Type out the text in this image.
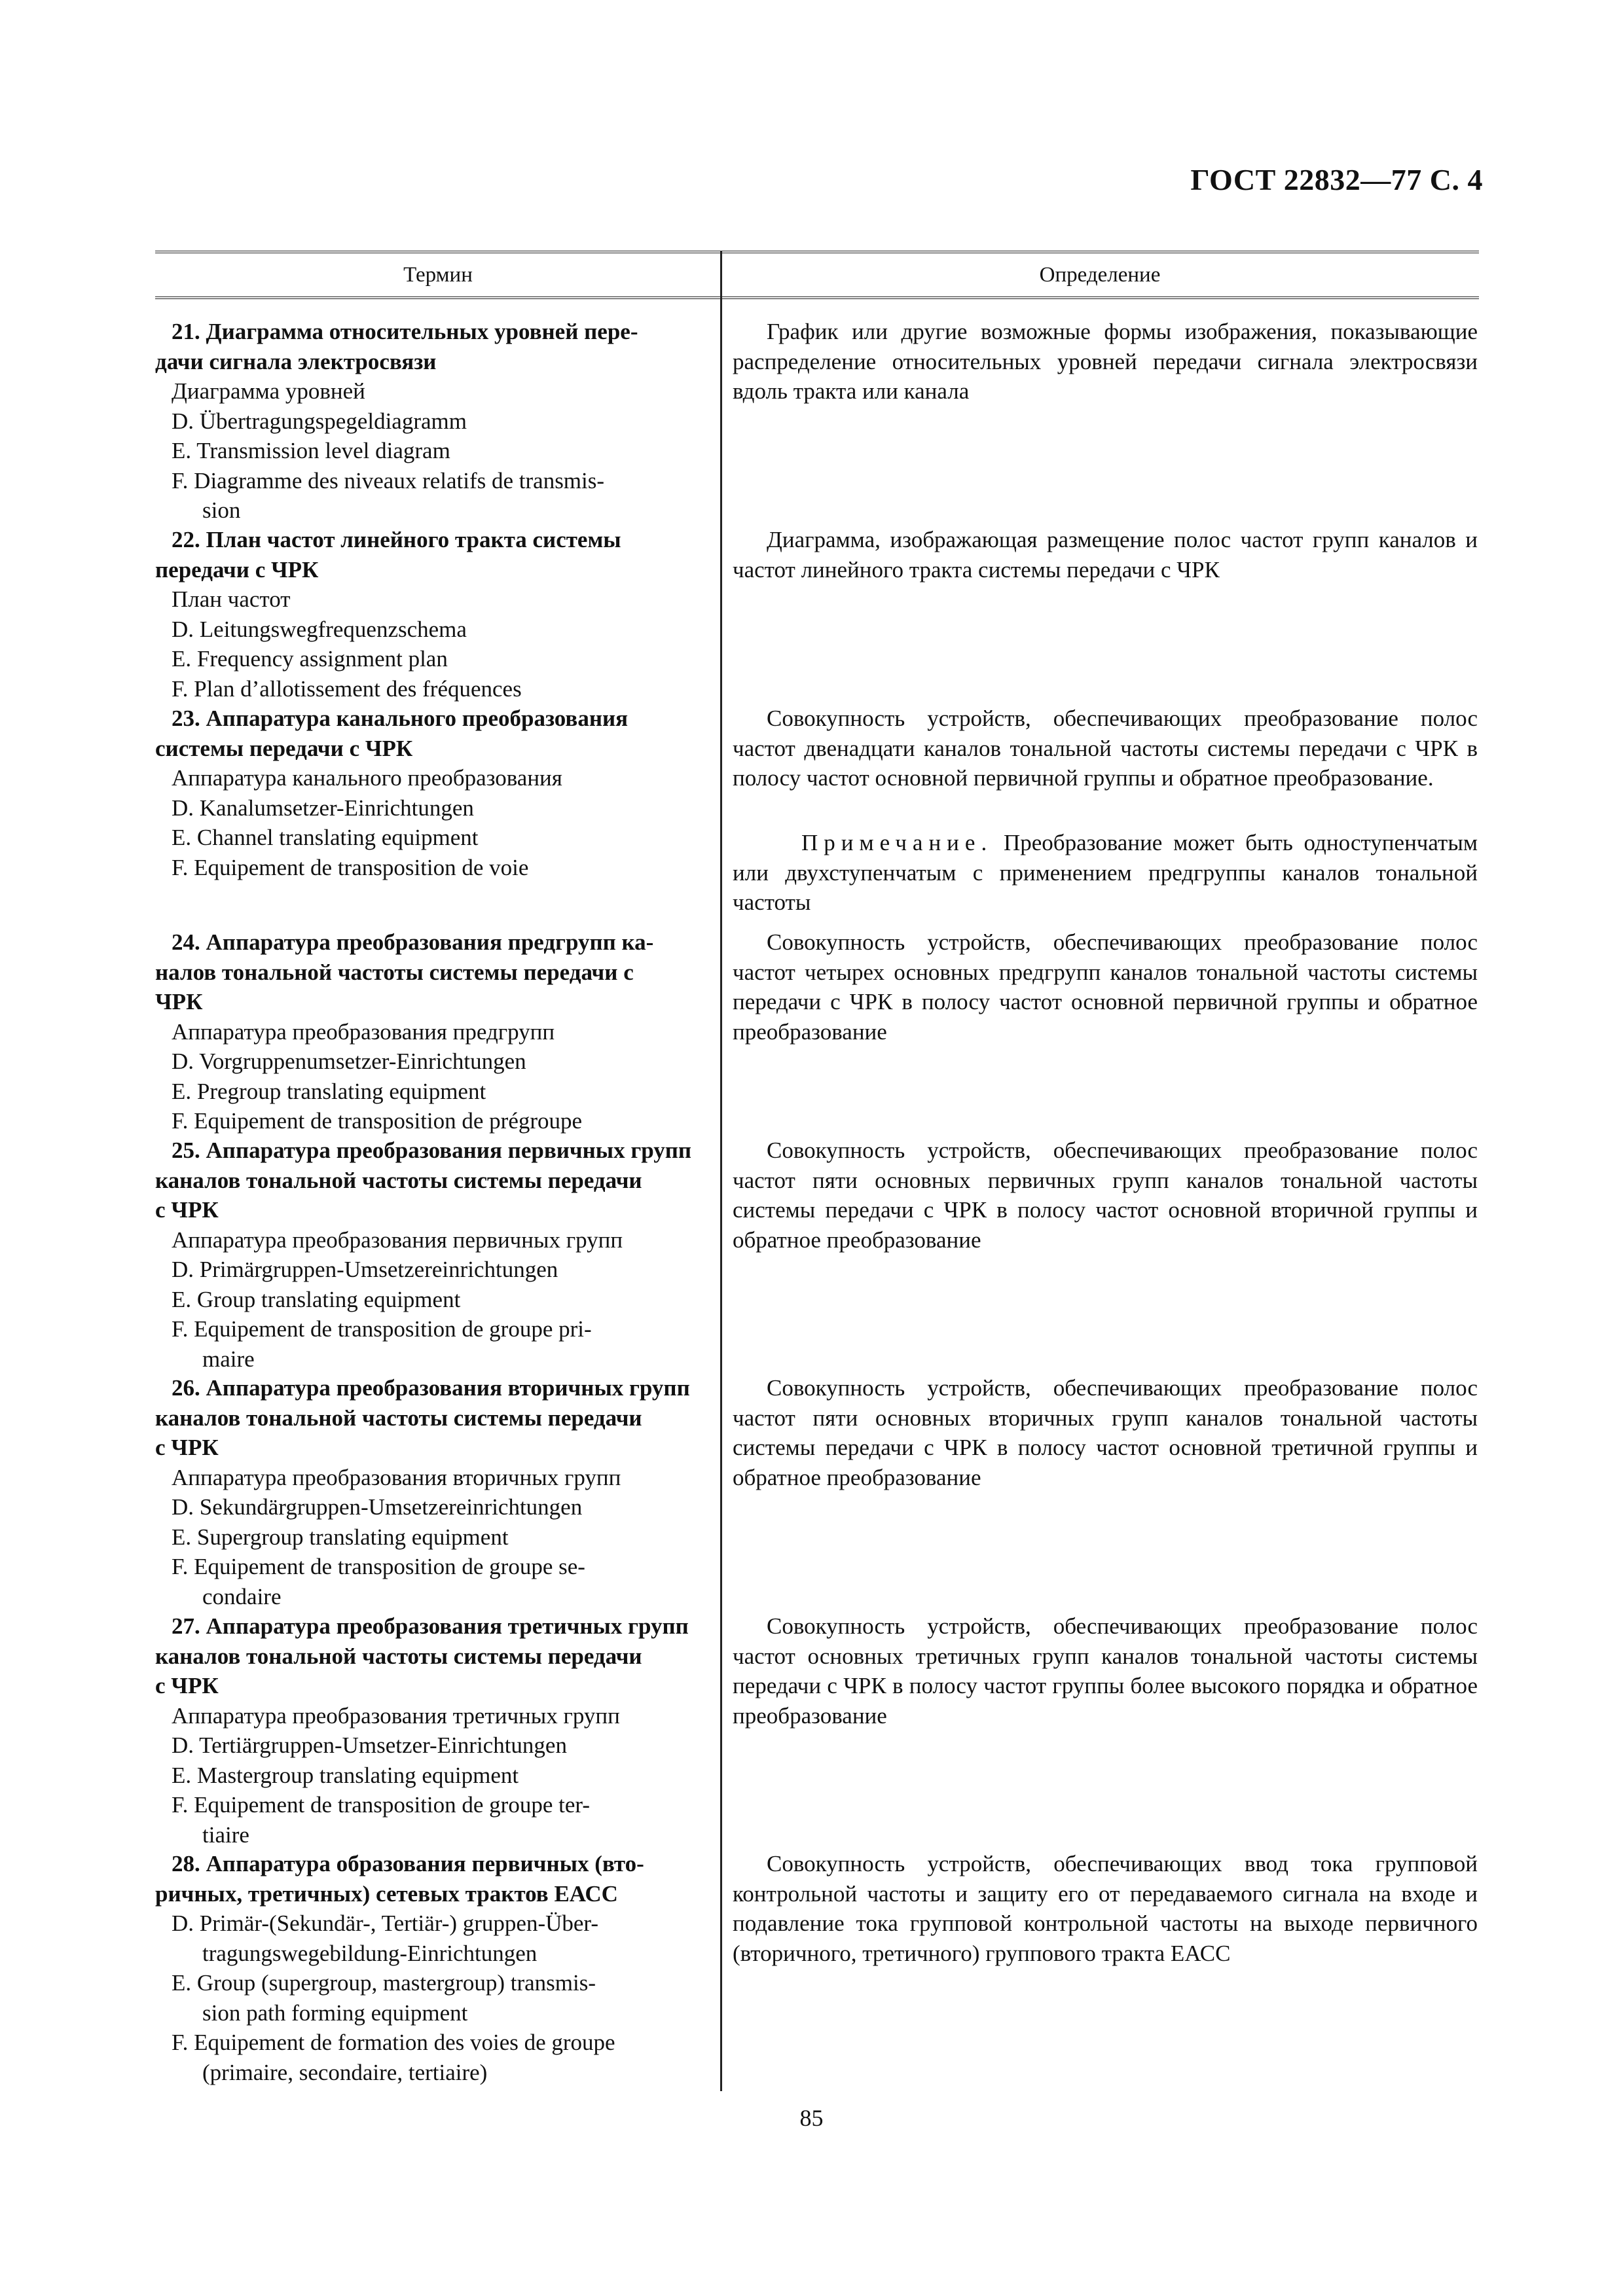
ГОСТ 22832—77 С. 4
Термин	Определение
21. Диаграмма относительных уровней пере-
дачи сигнала электросвязи
Диаграмма уровней
D. Übertragungspegeldiagramm
E. Transmission level diagram
F. Diagramme des niveaux relatifs de transmis-
sion
График или другие возможные формы изображения, показывающие распределение относительных уровней передачи сигнала электросвязи вдоль тракта или канала
22. План частот линейного тракта системы
передачи с ЧРК
План частот
D. Leitungswegfrequenzschema
E. Frequency assignment plan
F. Plan d’allotissement des fréquences
Диаграмма, изображающая размещение полос частот групп каналов и частот линейного тракта системы передачи с ЧРК
23. Аппаратура канального преобразования
системы передачи с ЧРК
Аппаратура канального преобразования
D. Kanalumsetzer-Einrichtungen
E. Channel translating equipment
F. Equipement de transposition de voie
Совокупность устройств, обеспечивающих преобразование полос частот двенадцати каналов тональной частоты системы передачи с ЧРК в полосу частот основной первичной группы и обратное преобразование.
Примечание. Преобразование может быть одноступенчатым или двухступенчатым с применением предгруппы каналов тональной частоты
24. Аппаратура преобразования предгрупп ка-
налов тональной частоты системы передачи с
ЧРК
Аппаратура преобразования предгрупп
D. Vorgruppenumsetzer-Einrichtungen
E. Pregroup translating equipment
F. Equipement de transposition de prégroupe
Совокупность устройств, обеспечивающих преобразование полос частот четырех основных предгрупп каналов тональной частоты системы передачи с ЧРК в полосу частот основной первичной группы и обратное преобразование
25. Аппаратура преобразования первичных групп
каналов тональной частоты системы передачи
с ЧРК
Аппаратура преобразования первичных групп
D. Primärgruppen-Umsetzereinrichtungen
E. Group translating equipment
F. Equipement de transposition de groupe pri-
maire
Совокупность устройств, обеспечивающих преобразование полос частот пяти основных первичных групп каналов тональной частоты системы передачи с ЧРК в полосу частот основной вторичной группы и обратное преобразование
26. Аппаратура преобразования вторичных групп
каналов тональной частоты системы передачи
с ЧРК
Аппаратура преобразования вторичных групп
D. Sekundärgruppen-Umsetzereinrichtungen
E. Supergroup translating equipment
F. Equipement de transposition de groupe se-
condaire
Совокупность устройств, обеспечивающих преобразование полос частот пяти основных вторичных групп каналов тональной частоты системы передачи с ЧРК в полосу частот основной третичной группы и обратное преобразование
27. Аппаратура преобразования третичных групп
каналов тональной частоты системы передачи
с ЧРК
Аппаратура преобразования третичных групп
D. Tertiärgruppen-Umsetzer-Einrichtungen
E. Mastergroup translating equipment
F. Equipement de transposition de groupe ter-
tiaire
Совокупность устройств, обеспечивающих преобразование полос частот основных третичных групп каналов тональной частоты системы передачи с ЧРК в полосу частот группы более высокого порядка и обратное преобразование
28. Аппаратура образования первичных (вто-
ричных, третичных) сетевых трактов ЕАСС
D. Primär-(Sekundär-, Tertiär-) gruppen-Über-
tragungswegebildung-Einrichtungen
E. Group (supergroup, mastergroup) transmis-
sion path forming equipment
F. Equipement de formation des voies de groupe
(primaire, secondaire, tertiaire)
Совокупность устройств, обеспечивающих ввод тока групповой контрольной частоты и защиту его от передаваемого сигнала на входе и подавление тока групповой контрольной частоты на выходе первичного (вторичного, третичного) группового тракта ЕАСС
85
